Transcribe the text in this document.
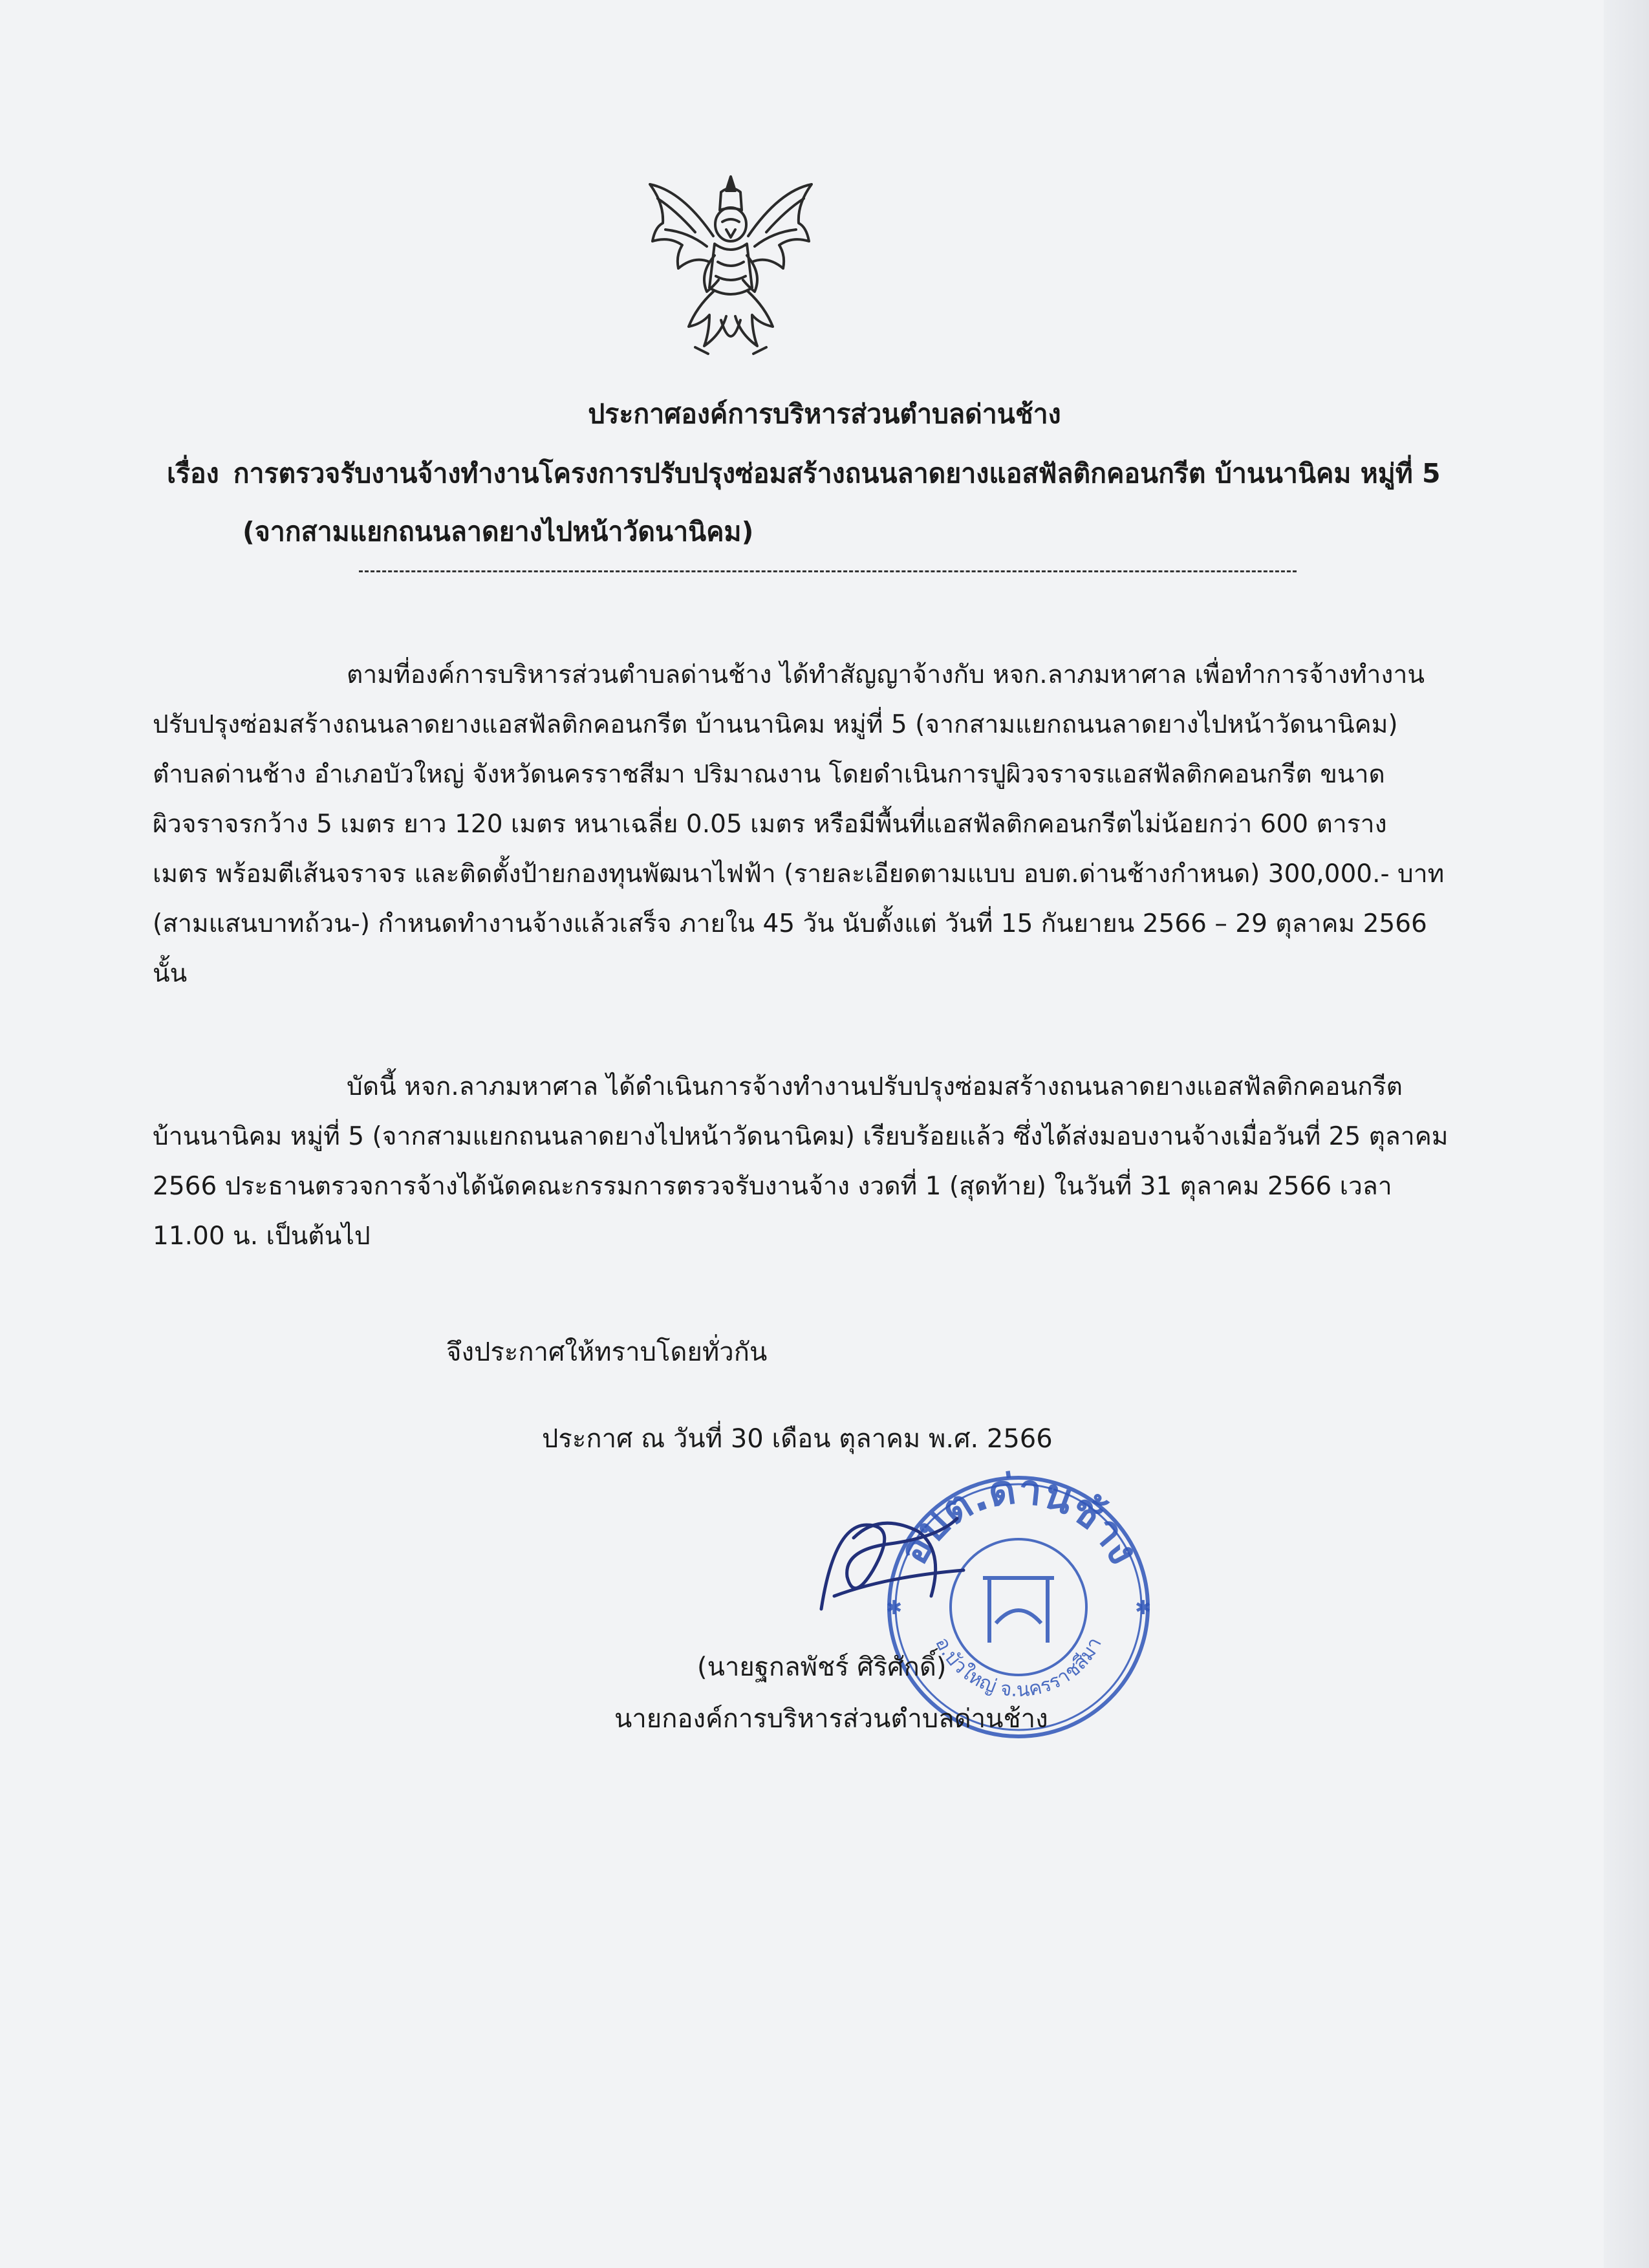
ประกาศองค์การบริหารส่วนตำบลด่านช้าง
เรื่อง การตรวจรับงานจ้างทำงานโครงการปรับปรุงซ่อมสร้างถนนลาดยางแอสฟัลติกคอนกรีต บ้านนานิคม หมู่ที่ 5
(จากสามแยกถนนลาดยางไปหน้าวัดนานิคม)
ตามที่องค์การบริหารส่วนตำบลด่านช้าง ได้ทำสัญญาจ้างกับ หจก.ลาภมหาศาล เพื่อทำการจ้างทำงาน
ปรับปรุงซ่อมสร้างถนนลาดยางแอสฟัลติกคอนกรีต บ้านนานิคม หมู่ที่ 5 (จากสามแยกถนนลาดยางไปหน้าวัดนานิคม)
ตำบลด่านช้าง อำเภอบัวใหญ่ จังหวัดนครราชสีมา ปริมาณงาน โดยดำเนินการปูผิวจราจรแอสฟัลติกคอนกรีต ขนาด
ผิวจราจรกว้าง 5 เมตร ยาว 120 เมตร หนาเฉลี่ย 0.05 เมตร หรือมีพื้นที่แอสฟัลติกคอนกรีตไม่น้อยกว่า 600 ตาราง
เมตร พร้อมตีเส้นจราจร และติดตั้งป้ายกองทุนพัฒนาไฟฟ้า (รายละเอียดตามแบบ อบต.ด่านช้างกำหนด) 300,000.- บาท
(สามแสนบาทถ้วน-) กำหนดทำงานจ้างแล้วเสร็จ ภายใน 45 วัน นับตั้งแต่ วันที่ 15 กันยายน 2566 – 29 ตุลาคม 2566
นั้น
บัดนี้ หจก.ลาภมหาศาล ได้ดำเนินการจ้างทำงานปรับปรุงซ่อมสร้างถนนลาดยางแอสฟัลติกคอนกรีต
บ้านนานิคม หมู่ที่ 5 (จากสามแยกถนนลาดยางไปหน้าวัดนานิคม) เรียบร้อยแล้ว ซึ่งได้ส่งมอบงานจ้างเมื่อวันที่ 25 ตุลาคม
2566 ประธานตรวจการจ้างได้นัดคณะกรรมการตรวจรับงานจ้าง งวดที่ 1 (สุดท้าย) ในวันที่ 31 ตุลาคม 2566 เวลา
11.00 น. เป็นต้นไป
จึงประกาศให้ทราบโดยทั่วกัน
ประกาศ ณ วันที่ 30 เดือน ตุลาคม พ.ศ. 2566
อบต.ด่านช้าง
✱	✱
อ.บัวใหญ่ จ.นครราชสีมา
(นายฐกลพัชร์ ศิริศักดิ์)
นายกองค์การบริหารส่วนตำบลด่านช้าง
